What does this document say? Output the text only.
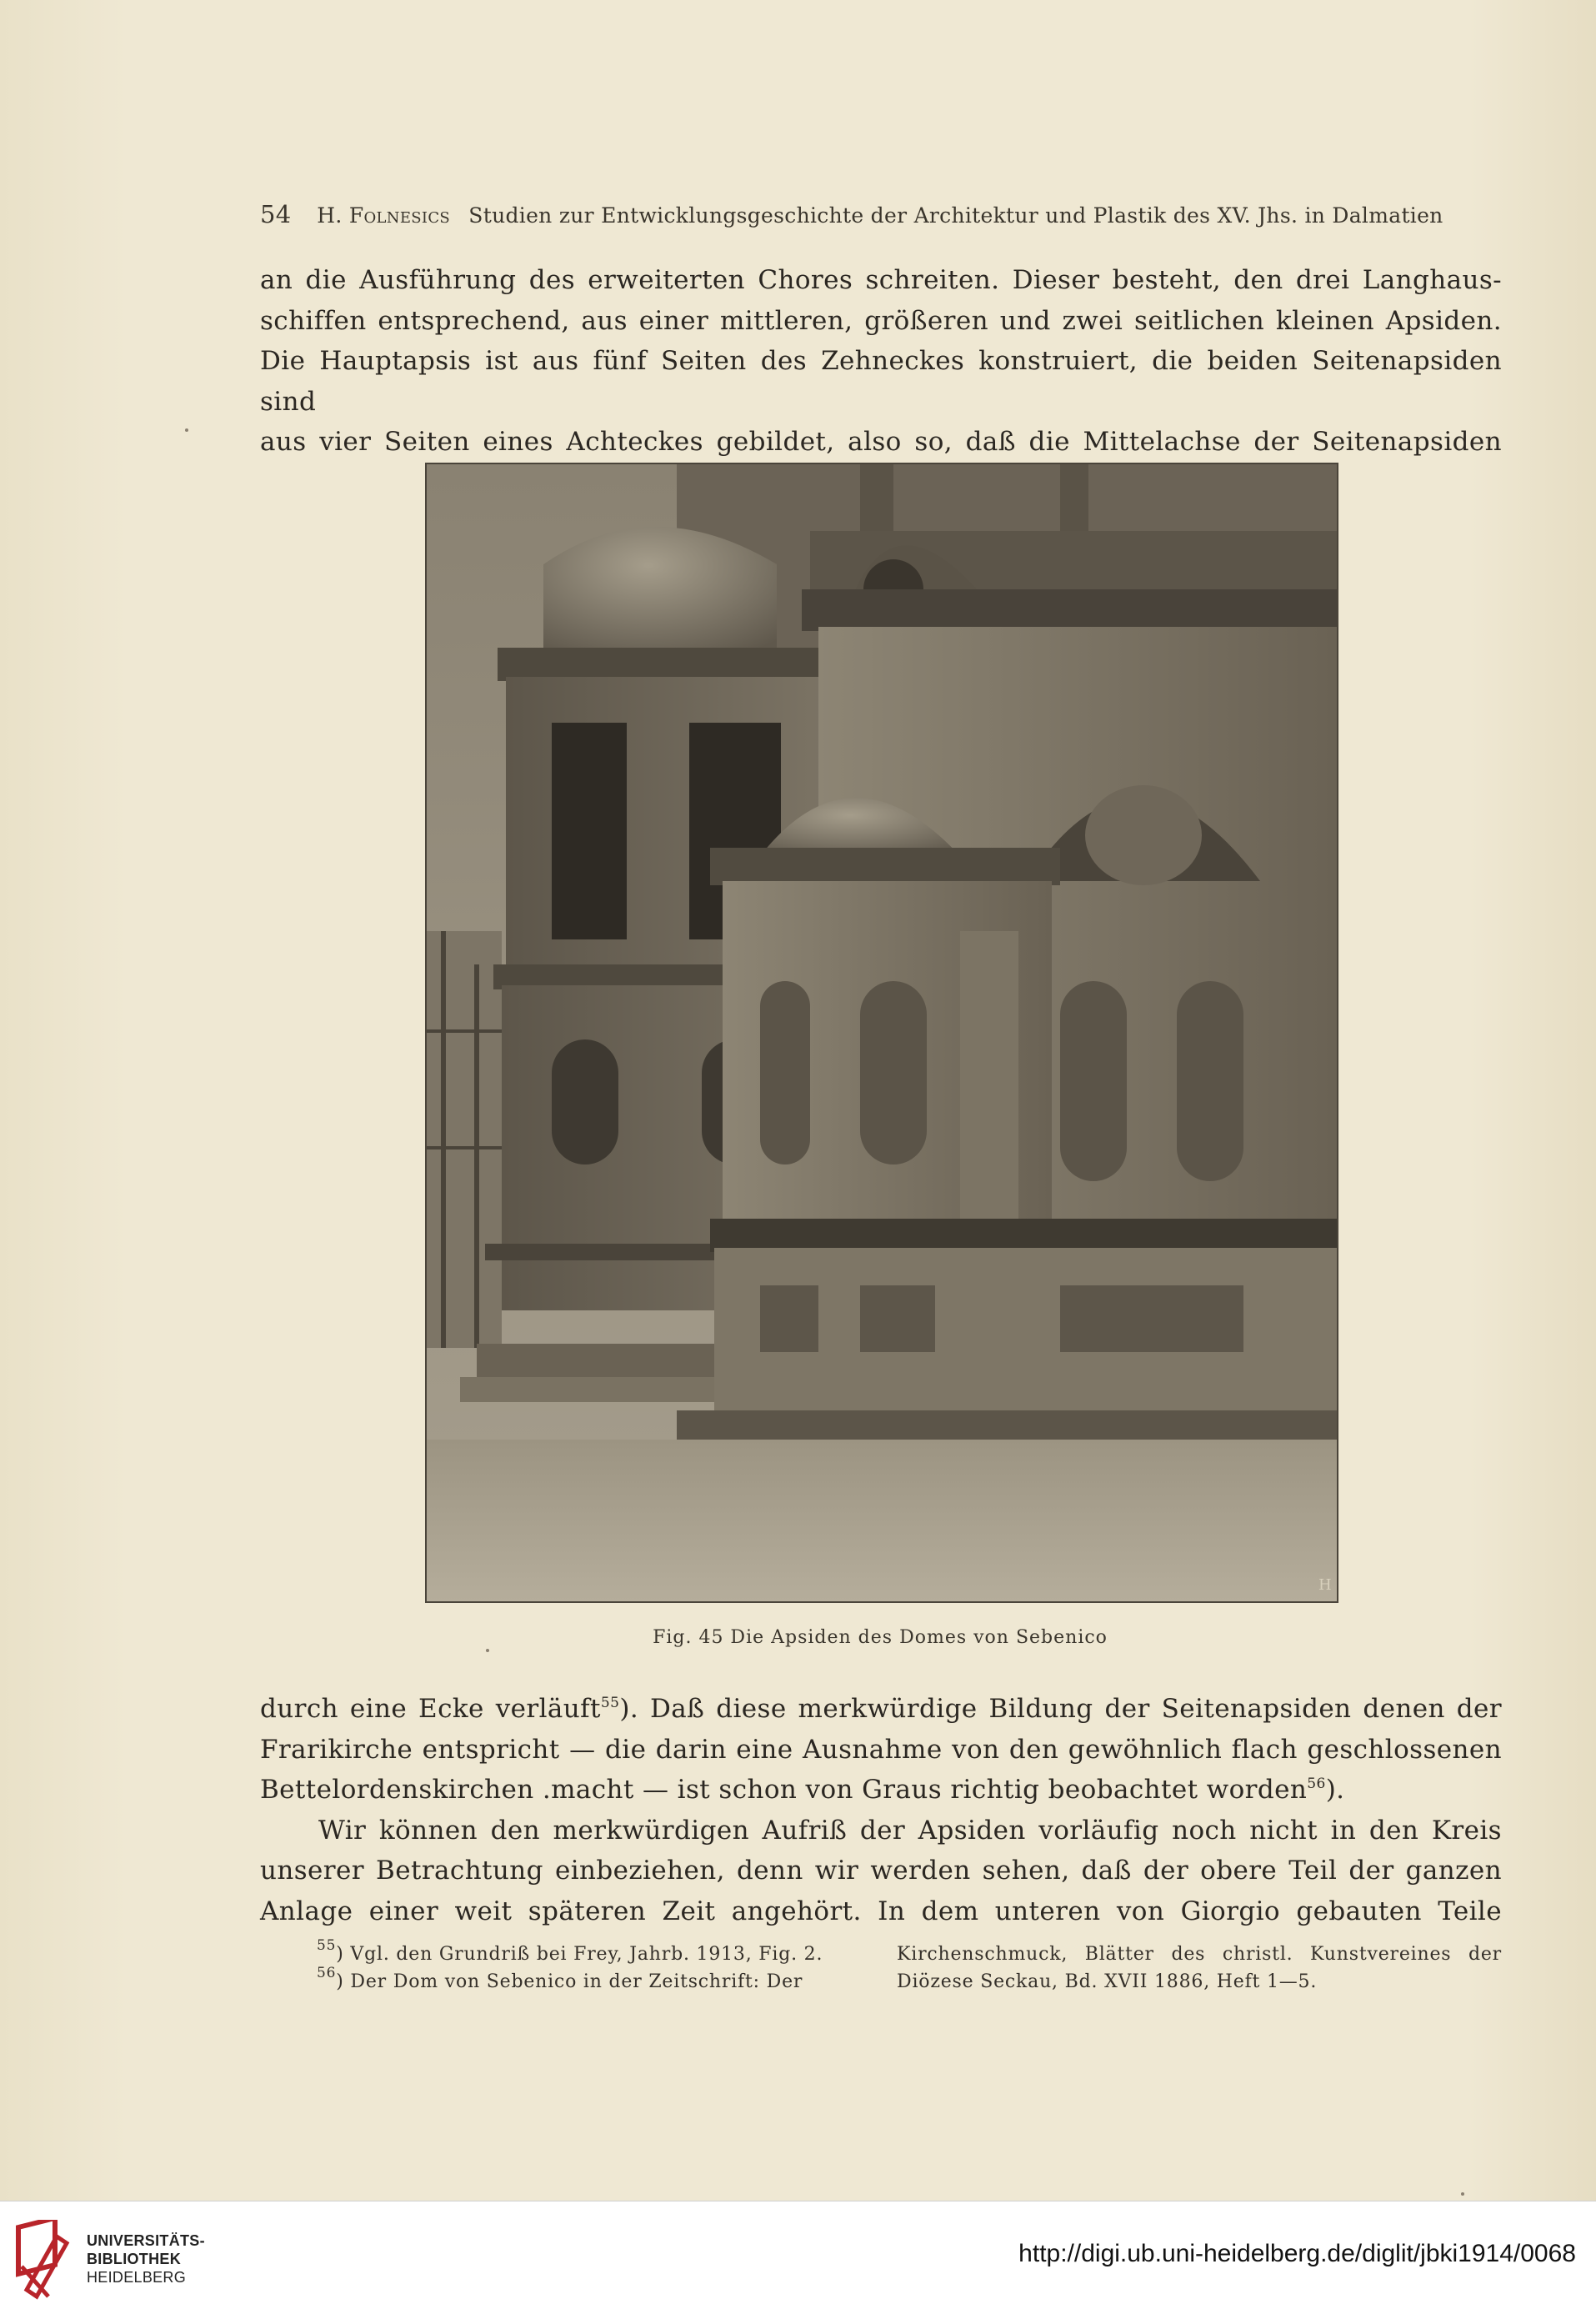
54 H. Folnesics Studien zur Entwicklungsgeschichte der Architektur und Plastik des XV. Jhs. in Dalmatien

an die Ausführung des erweiterten Chores schreiten. Dieser besteht, den drei Langhaus-

schiffen entsprechend, aus einer mittleren, größeren und zwei seitlichen kleinen Apsiden.

Die Hauptapsis ist aus fünf Seiten des Zehneckes konstruiert, die beiden Seitenapsiden sind

aus vier Seiten eines Achteckes gebildet, also so, daß die Mittelachse der Seitenapsiden

H
Fig. 45 Die Apsiden des Domes von Sebenico

durch eine Ecke verläuft$^{55}$). Daß diese merkwürdige Bildung der Seitenapsiden denen der

Frarikirche entspricht — die darin eine Ausnahme von den gewöhnlich flach geschlossenen

Bettelordenskirchen .macht — ist schon von Graus richtig beobachtet worden$^{56}$).

Wir können den merkwürdigen Aufriß der Apsiden vorläufig noch nicht in den Kreis

unserer Betrachtung einbeziehen, denn wir werden sehen, daß der obere Teil der ganzen

Anlage einer weit späteren Zeit angehört. In dem unteren von Giorgio gebauten Teile

$^{55}$) Vgl. den Grundriß bei Frey, Jahrb. 1913, Fig. 2.

$^{56}$) Der Dom von Sebenico in der Zeitschrift: Der

Kirchenschmuck, Blätter des christl. Kunstvereines der

Diözese Seckau, Bd. XVII 1886, Heft 1—5.

UNIVERSITÄTS-
BIBLIOTHEK
HEIDELBERG
http://digi.ub.uni-heidelberg.de/diglit/jbki1914/0068
